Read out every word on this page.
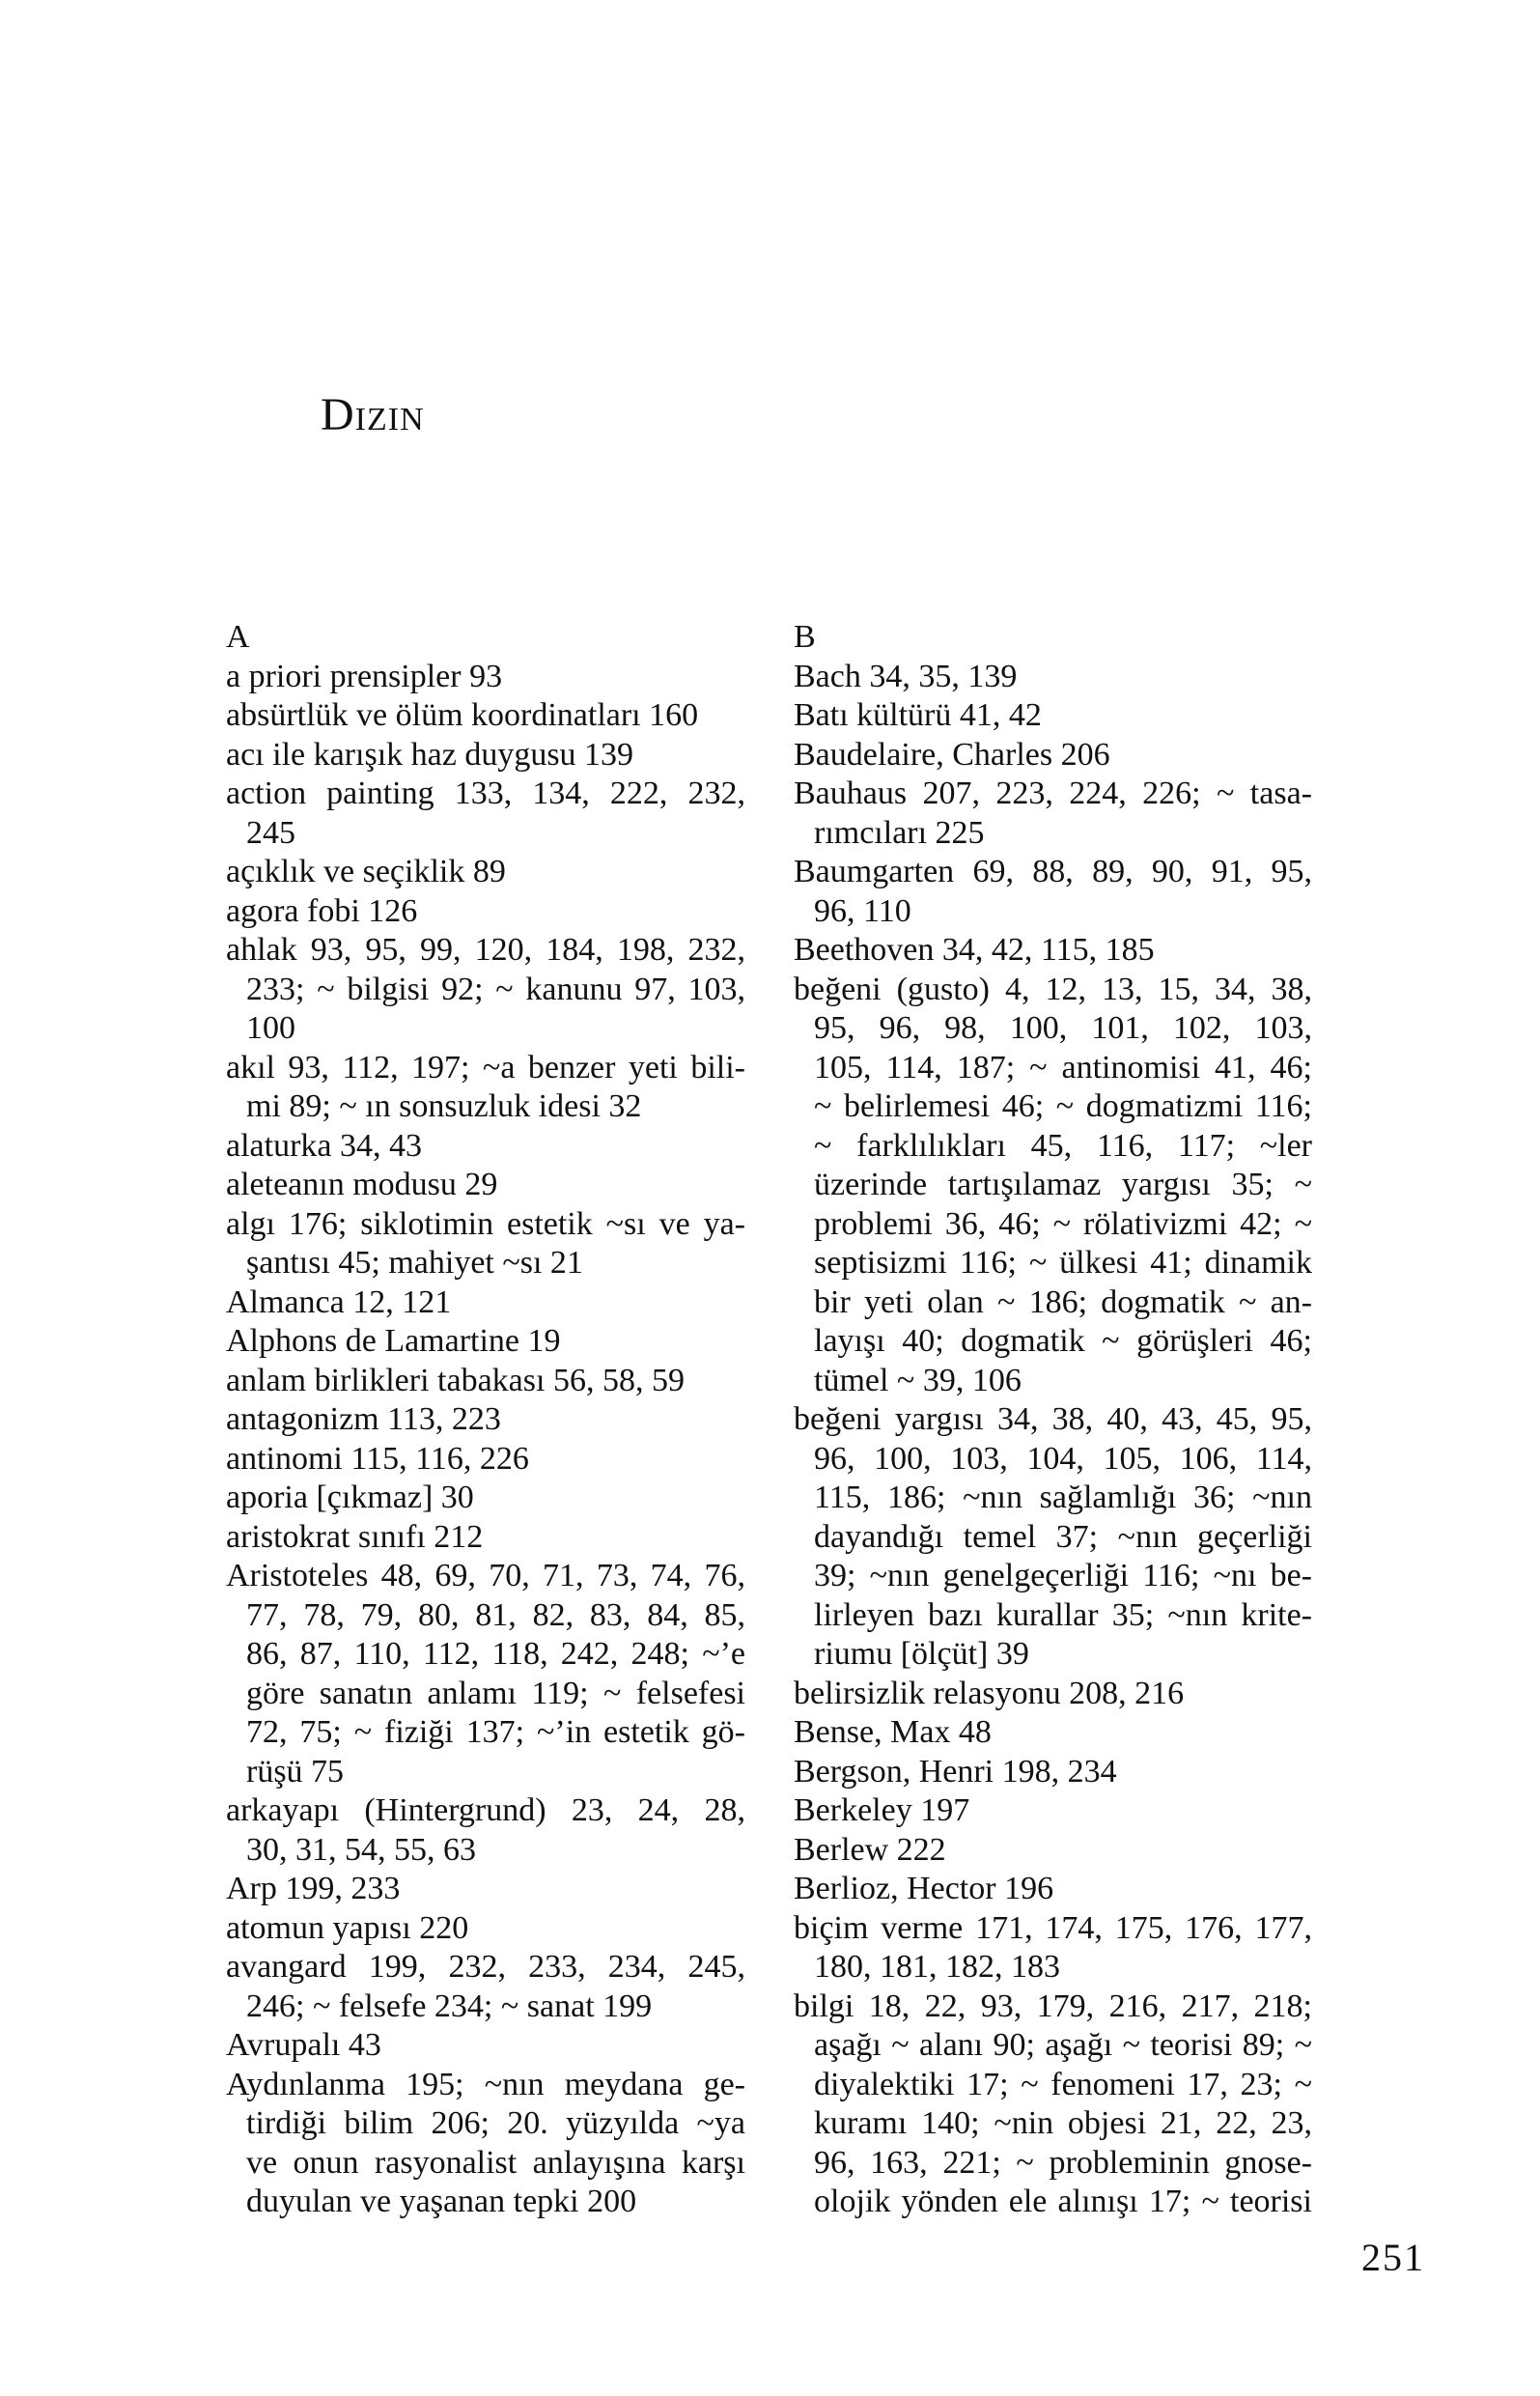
Dizin
A
a priori prensipler 93
absürtlük ve ölüm koordinatları 160
acı ile karışık haz duygusu 139
action painting 133, 134, 222, 232,
245
açıklık ve seçiklik 89
agora fobi 126
ahlak 93, 95, 99, 120, 184, 198, 232,
233; ~ bilgisi 92; ~ kanunu 97, 103,
100
akıl 93, 112, 197; ~a benzer yeti bili-
mi 89; ~ ın sonsuzluk idesi 32
alaturka 34, 43
aleteanın modusu 29
algı 176; siklotimin estetik ~sı ve ya-
şantısı 45; mahiyet ~sı 21
Almanca 12, 121
Alphons de Lamartine 19
anlam birlikleri tabakası 56, 58, 59
antagonizm 113, 223
antinomi 115, 116, 226
aporia [çıkmaz] 30
aristokrat sınıfı 212
Aristoteles 48, 69, 70, 71, 73, 74, 76,
77, 78, 79, 80, 81, 82, 83, 84, 85,
86, 87, 110, 112, 118, 242, 248; ~’e
göre sanatın anlamı 119; ~ felsefesi
72, 75; ~ fiziği 137; ~’in estetik gö-
rüşü 75
arkayapı (Hintergrund) 23, 24, 28,
30, 31, 54, 55, 63
Arp 199, 233
atomun yapısı 220
avangard 199, 232, 233, 234, 245,
246; ~ felsefe 234; ~ sanat 199
Avrupalı 43
Aydınlanma 195; ~nın meydana ge-
tirdiği bilim 206; 20. yüzyılda ~ya
ve onun rasyonalist anlayışına karşı
duyulan ve yaşanan tepki 200
B
Bach 34, 35, 139
Batı kültürü 41, 42
Baudelaire, Charles 206
Bauhaus 207, 223, 224, 226; ~ tasa-
rımcıları 225
Baumgarten 69, 88, 89, 90, 91, 95,
96, 110
Beethoven 34, 42, 115, 185
beğeni (gusto) 4, 12, 13, 15, 34, 38,
95, 96, 98, 100, 101, 102, 103,
105, 114, 187; ~ antinomisi 41, 46;
~ belirlemesi 46; ~ dogmatizmi 116;
~ farklılıkları 45, 116, 117; ~ler
üzerinde tartışılamaz yargısı 35; ~
problemi 36, 46; ~ rölativizmi 42; ~
septisizmi 116; ~ ülkesi 41; dinamik
bir yeti olan ~ 186; dogmatik ~ an-
layışı 40; dogmatik ~ görüşleri 46;
tümel ~ 39, 106
beğeni yargısı 34, 38, 40, 43, 45, 95,
96, 100, 103, 104, 105, 106, 114,
115, 186; ~nın sağlamlığı 36; ~nın
dayandığı temel 37; ~nın geçerliği
39; ~nın genelgeçerliği 116; ~nı be-
lirleyen bazı kurallar 35; ~nın krite-
riumu [ölçüt] 39
belirsizlik relasyonu 208, 216
Bense, Max 48
Bergson, Henri 198, 234
Berkeley 197
Berlew 222
Berlioz, Hector 196
biçim verme 171, 174, 175, 176, 177,
180, 181, 182, 183
bilgi 18, 22, 93, 179, 216, 217, 218;
aşağı ~ alanı 90; aşağı ~ teorisi 89; ~
diyalektiki 17; ~ fenomeni 17, 23; ~
kuramı 140; ~nin objesi 21, 22, 23,
96, 163, 221; ~ probleminin gnose-
olojik yönden ele alınışı 17; ~ teorisi
251
